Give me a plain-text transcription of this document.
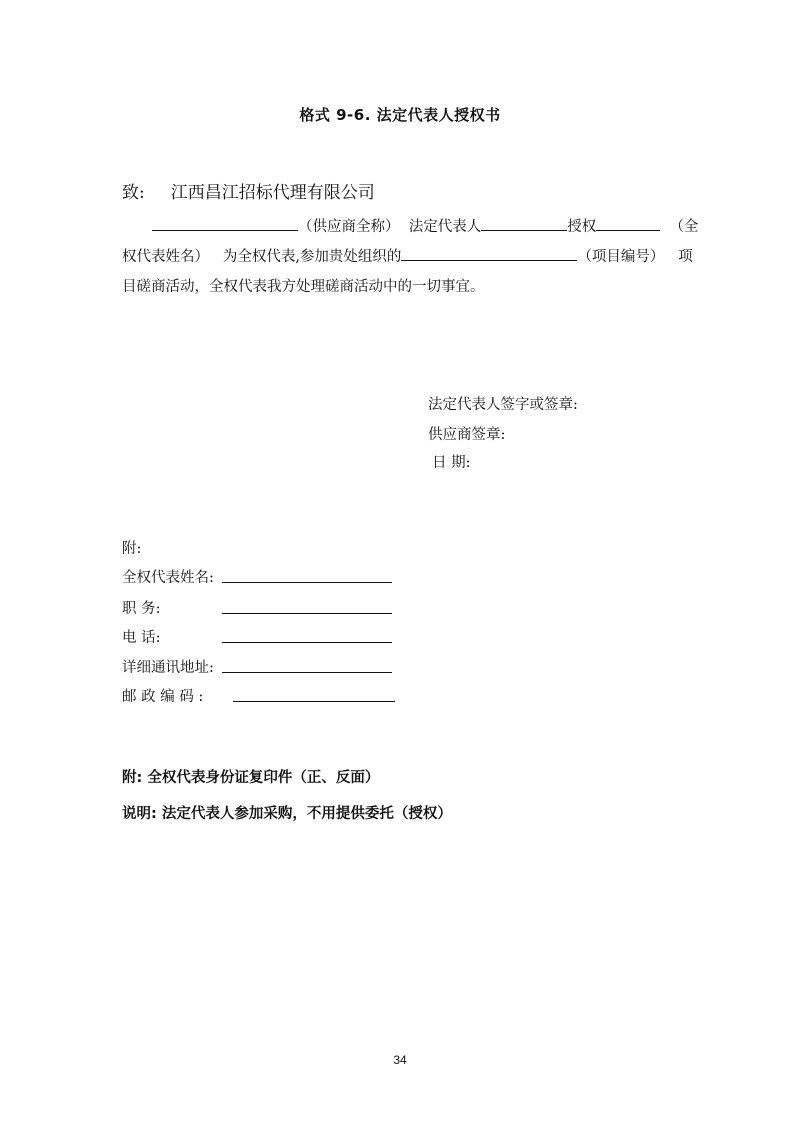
格式 9-6. 法定代表人授权书
致: 江西昌江招标代理有限公司
（供应商全称） 法定代表人	授权	（全
权代表姓名） 为全权代表,参加贵处组织的	（项目编号） 项
目磋商活动，全权代表我方处理磋商活动中的一切事宜。
法定代表人签字或签章:
供应商签章:
日 期:
附:
全权代表姓名:
职 务:
电 话:
详细通讯地址:
邮 政 编 码 :
附: 全权代表身份证复印件（正、反面）
说明: 法定代表人参加采购，不用提供委托（授权）
34
